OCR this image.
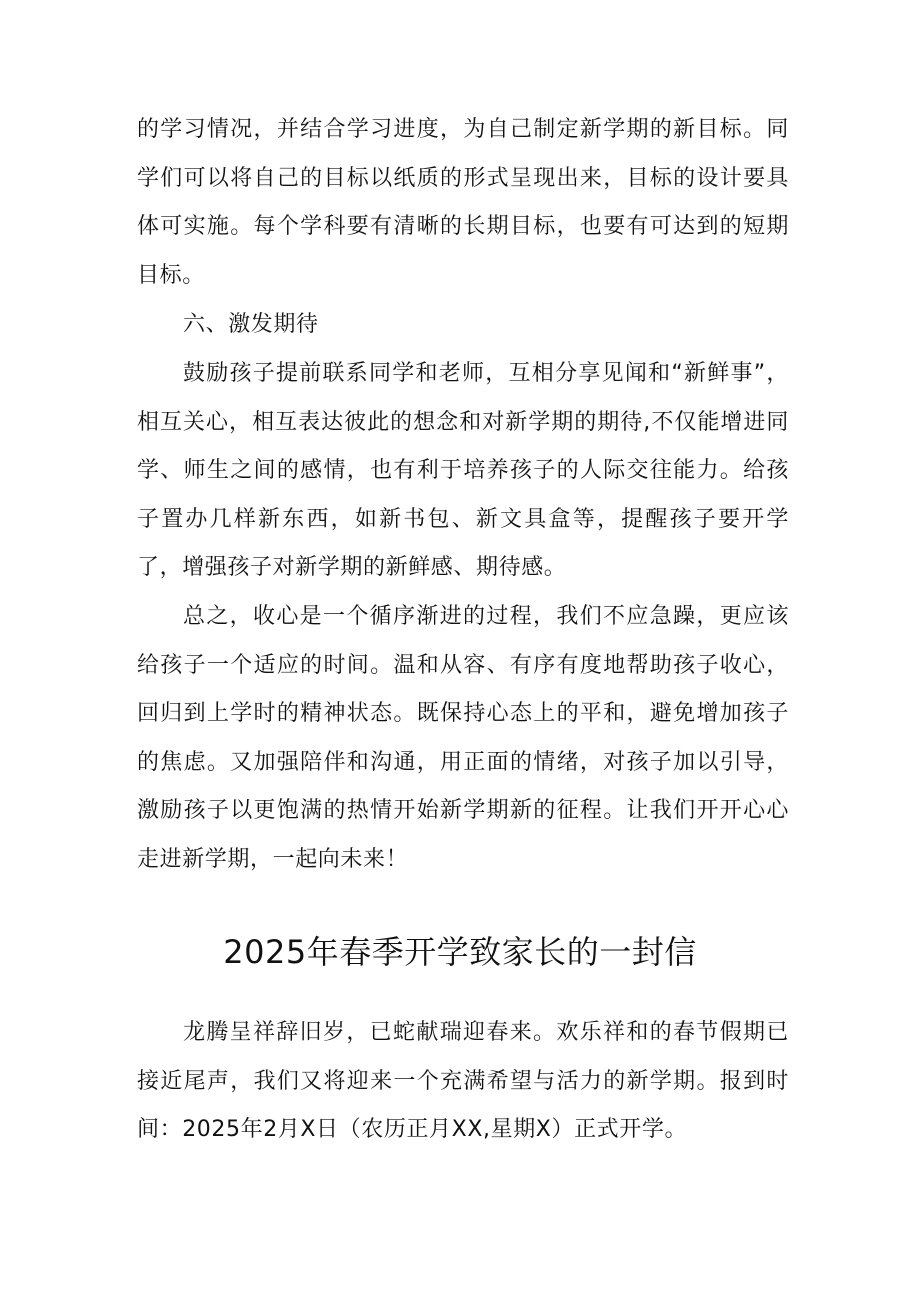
的学习情况，并结合学习进度，为自己制定新学期的新目标。同学们可以将自己的目标以纸质的形式呈现出来，目标的设计要具体可实施。每个学科要有清晰的长期目标，也要有可达到的短期目标。

六、激发期待

鼓励孩子提前联系同学和老师，互相分享见闻和“新鲜事”，相互关心，相互表达彼此的想念和对新学期的期待,不仅能增进同学、师生之间的感情，也有利于培养孩子的人际交往能力。给孩子置办几样新东西，如新书包、新文具盒等，提醒孩子要开学了，增强孩子对新学期的新鲜感、期待感。

总之，收心是一个循序渐进的过程，我们不应急躁，更应该给孩子一个适应的时间。温和从容、有序有度地帮助孩子收心，回归到上学时的精神状态。既保持心态上的平和，避免增加孩子的焦虑。又加强陪伴和沟通，用正面的情绪，对孩子加以引导，激励孩子以更饱满的热情开始新学期新的征程。让我们开开心心走进新学期，一起向未来！

2025年春季开学致家长的一封信

龙腾呈祥辞旧岁，已蛇献瑞迎春来。欢乐祥和的春节假期已接近尾声，我们又将迎来一个充满希望与活力的新学期。报到时间：2025年2月X日（农历正月XX,星期X）正式开学。
